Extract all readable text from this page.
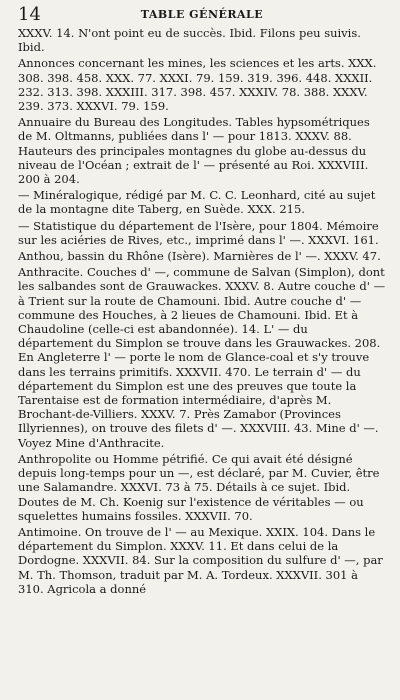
14	TABLE GÉNÉRALE

XXXV. 14. N'ont point eu de succès. Ibid. Filons peu suivis. Ibid.

Annonces concernant les mines, les sciences et les arts. XXX. 308. 398. 458. XXX. 77. XXXI. 79. 159. 319. 396. 448. XXXII. 232. 313. 398. XXXIII. 317. 398. 457. XXXIV. 78. 388. XXXV. 239. 373. XXXVI. 79. 159.

Annuaire du Bureau des Longitudes. Tables hypsométriques de M. Oltmanns, publiées dans l' — pour 1813. XXXV. 88. Hauteurs des principales montagnes du globe au-dessus du niveau de l'Océan ; extrait de l' — présenté au Roi. XXXVIII. 200 à 204.

— Minéralogique, rédigé par M. C. C. Leonhard, cité au sujet de la montagne dite Taberg, en Suède. XXX. 215.

— Statistique du département de l'Isère, pour 1804. Mémoire sur les aciéries de Rives, etc., imprimé dans l' —. XXXVI. 161.

Anthou, bassin du Rhône (Isère). Marnières de l' —. XXXV. 47.

Anthracite. Couches d' —, commune de Salvan (Simplon), dont les salbandes sont de Grauwackes. XXXV. 8. Autre couche d' — à Trient sur la route de Chamouni. Ibid. Autre couche d' — commune des Houches, à 2 lieues de Chamouni. Ibid. Et à Chaudoline (celle-ci est abandonnée). 14. L' — du département du Simplon se trouve dans les Grauwackes. 208. En Angleterre l' — porte le nom de Glance-coal et s'y trouve dans les terrains primitifs. XXXVII. 470. Le terrain d' — du département du Simplon est une des preuves que toute la Tarentaise est de formation intermédiaire, d'après M. Brochant-de-Villiers. XXXV. 7. Près Zamabor (Provinces Illyriennes), on trouve des filets d' —. XXXVIII. 43. Mine d' —. Voyez Mine d'Anthracite.

Anthropolite ou Homme pétrifié. Ce qui avait été désigné depuis long-temps pour un —, est déclaré, par M. Cuvier, être une Salamandre. XXXVI. 73 à 75. Détails à ce sujet. Ibid. Doutes de M. Ch. Koenig sur l'existence de véritables — ou squelettes humains fossiles. XXXVII. 70.

Antimoine. On trouve de l' — au Mexique. XXIX. 104. Dans le département du Simplon. XXXV. 11. Et dans celui de la Dordogne. XXXVII. 84. Sur la composition du sulfure d' —, par M. Th. Thomson, traduit par M. A. Tordeux. XXXVII. 301 à 310. Agricola a donné
